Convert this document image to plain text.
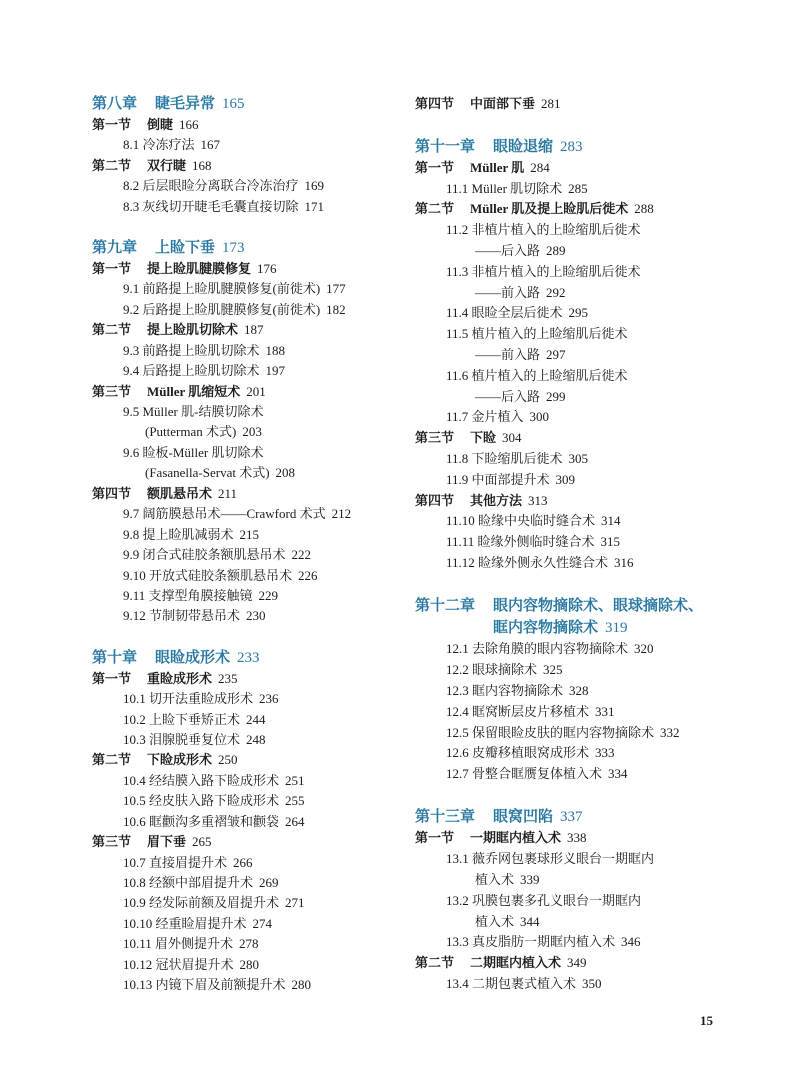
第八章 睫毛异常 165
第一节 倒睫 166
8.1 冷冻疗法 167
第二节 双行睫 168
8.2 后层眼睑分离联合冷冻治疗 169
8.3 灰线切开睫毛毛囊直接切除 171
第九章 上睑下垂 173
第一节 提上睑肌腱膜修复 176
9.1 前路提上睑肌腱膜修复(前徙术) 177
9.2 后路提上睑肌腱膜修复(前徙术) 182
第二节 提上睑肌切除术 187
9.3 前路提上睑肌切除术 188
9.4 后路提上睑肌切除术 197
第三节 Müller 肌缩短术 201
9.5 Müller 肌-结膜切除术
(Putterman 术式) 203
9.6 睑板-Müller 肌切除术
(Fasanella-Servat 术式) 208
第四节 额肌悬吊术 211
9.7 阔筋膜悬吊术——Crawford 术式 212
9.8 提上睑肌减弱术 215
9.9 闭合式硅胶条额肌悬吊术 222
9.10 开放式硅胶条额肌悬吊术 226
9.11 支撑型角膜接触镜 229
9.12 节制韧带悬吊术 230
第十章 眼睑成形术 233
第一节 重睑成形术 235
10.1 切开法重睑成形术 236
10.2 上睑下垂矫正术 244
10.3 泪腺脱垂复位术 248
第二节 下睑成形术 250
10.4 经结膜入路下睑成形术 251
10.5 经皮肤入路下睑成形术 255
10.6 眶颧沟多重褶皱和颧袋 264
第三节 眉下垂 265
10.7 直接眉提升术 266
10.8 经额中部眉提升术 269
10.9 经发际前额及眉提升术 271
10.10 经重睑眉提升术 274
10.11 眉外侧提升术 278
10.12 冠状眉提升术 280
10.13 内镜下眉及前额提升术 280
第四节 中面部下垂 281
第十一章 眼睑退缩 283
第一节 Müller 肌 284
11.1 Müller 肌切除术 285
第二节 Müller 肌及提上睑肌后徙术 288
11.2 非植片植入的上睑缩肌后徙术
——后入路 289
11.3 非植片植入的上睑缩肌后徙术
——前入路 292
11.4 眼睑全层后徙术 295
11.5 植片植入的上睑缩肌后徙术
——前入路 297
11.6 植片植入的上睑缩肌后徙术
——后入路 299
11.7 金片植入 300
第三节 下睑 304
11.8 下睑缩肌后徙术 305
11.9 中面部提升术 309
第四节 其他方法 313
11.10 睑缘中央临时缝合术 314
11.11 睑缘外侧临时缝合术 315
11.12 睑缘外侧永久性缝合术 316
第十二章 眼内容物摘除术、眼球摘除术、
眶内容物摘除术 319
12.1 去除角膜的眼内容物摘除术 320
12.2 眼球摘除术 325
12.3 眶内容物摘除术 328
12.4 眶窝断层皮片移植术 331
12.5 保留眼睑皮肤的眶内容物摘除术 332
12.6 皮瓣移植眼窝成形术 333
12.7 骨整合眶赝复体植入术 334
第十三章 眼窝凹陷 337
第一节 一期眶内植入术 338
13.1 薇乔网包裹球形义眼台一期眶内
植入术 339
13.2 巩膜包裹多孔义眼台一期眶内
植入术 344
13.3 真皮脂肪一期眶内植入术 346
第二节 二期眶内植入术 349
13.4 二期包裹式植入术 350
15
